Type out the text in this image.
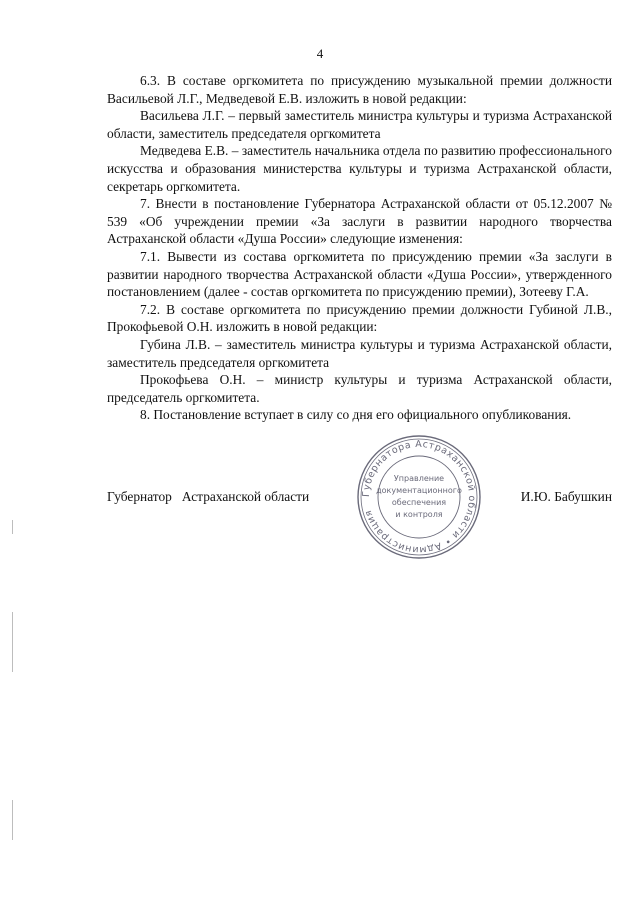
4

6.3. В составе оргкомитета по присуждению музыкальной премии должности Васильевой Л.Г., Медведевой Е.В. изложить в новой редакции:

Васильева Л.Г. – первый заместитель министра культуры и туризма Астраханской области, заместитель председателя оргкомитета

Медведева Е.В. – заместитель начальника отдела по развитию профессионального искусства и образования министерства культуры и туризма Астраханской области, секретарь оргкомитета.

7. Внести в постановление Губернатора Астраханской области от 05.12.2007 № 539 «Об учреждении премии «За заслуги в развитии народного творчества Астраханской области «Душа России» следующие изменения:

7.1. Вывести из состава оргкомитета по присуждению премии «За заслуги в развитии народного творчества Астраханской области «Душа России», утвержденного постановлением (далее - состав оргкомитета по присуждению премии), Зотееву Г.А.

7.2. В составе оргкомитета по присуждению премии должности Губиной Л.В., Прокофьевой О.Н. изложить в новой редакции:

Губина Л.В. – заместитель министра культуры и туризма Астраханской области, заместитель председателя оргкомитета

Прокофьева О.Н. – министр культуры и туризма Астраханской области, председатель оргкомитета.

8. Постановление вступает в силу со дня его официального опубликования.

Губернатор   Астраханской области	И.Ю. Бабушкин
Губернатора Астраханской области • Администрация
Управление
документационного
обеспечения
и контроля
